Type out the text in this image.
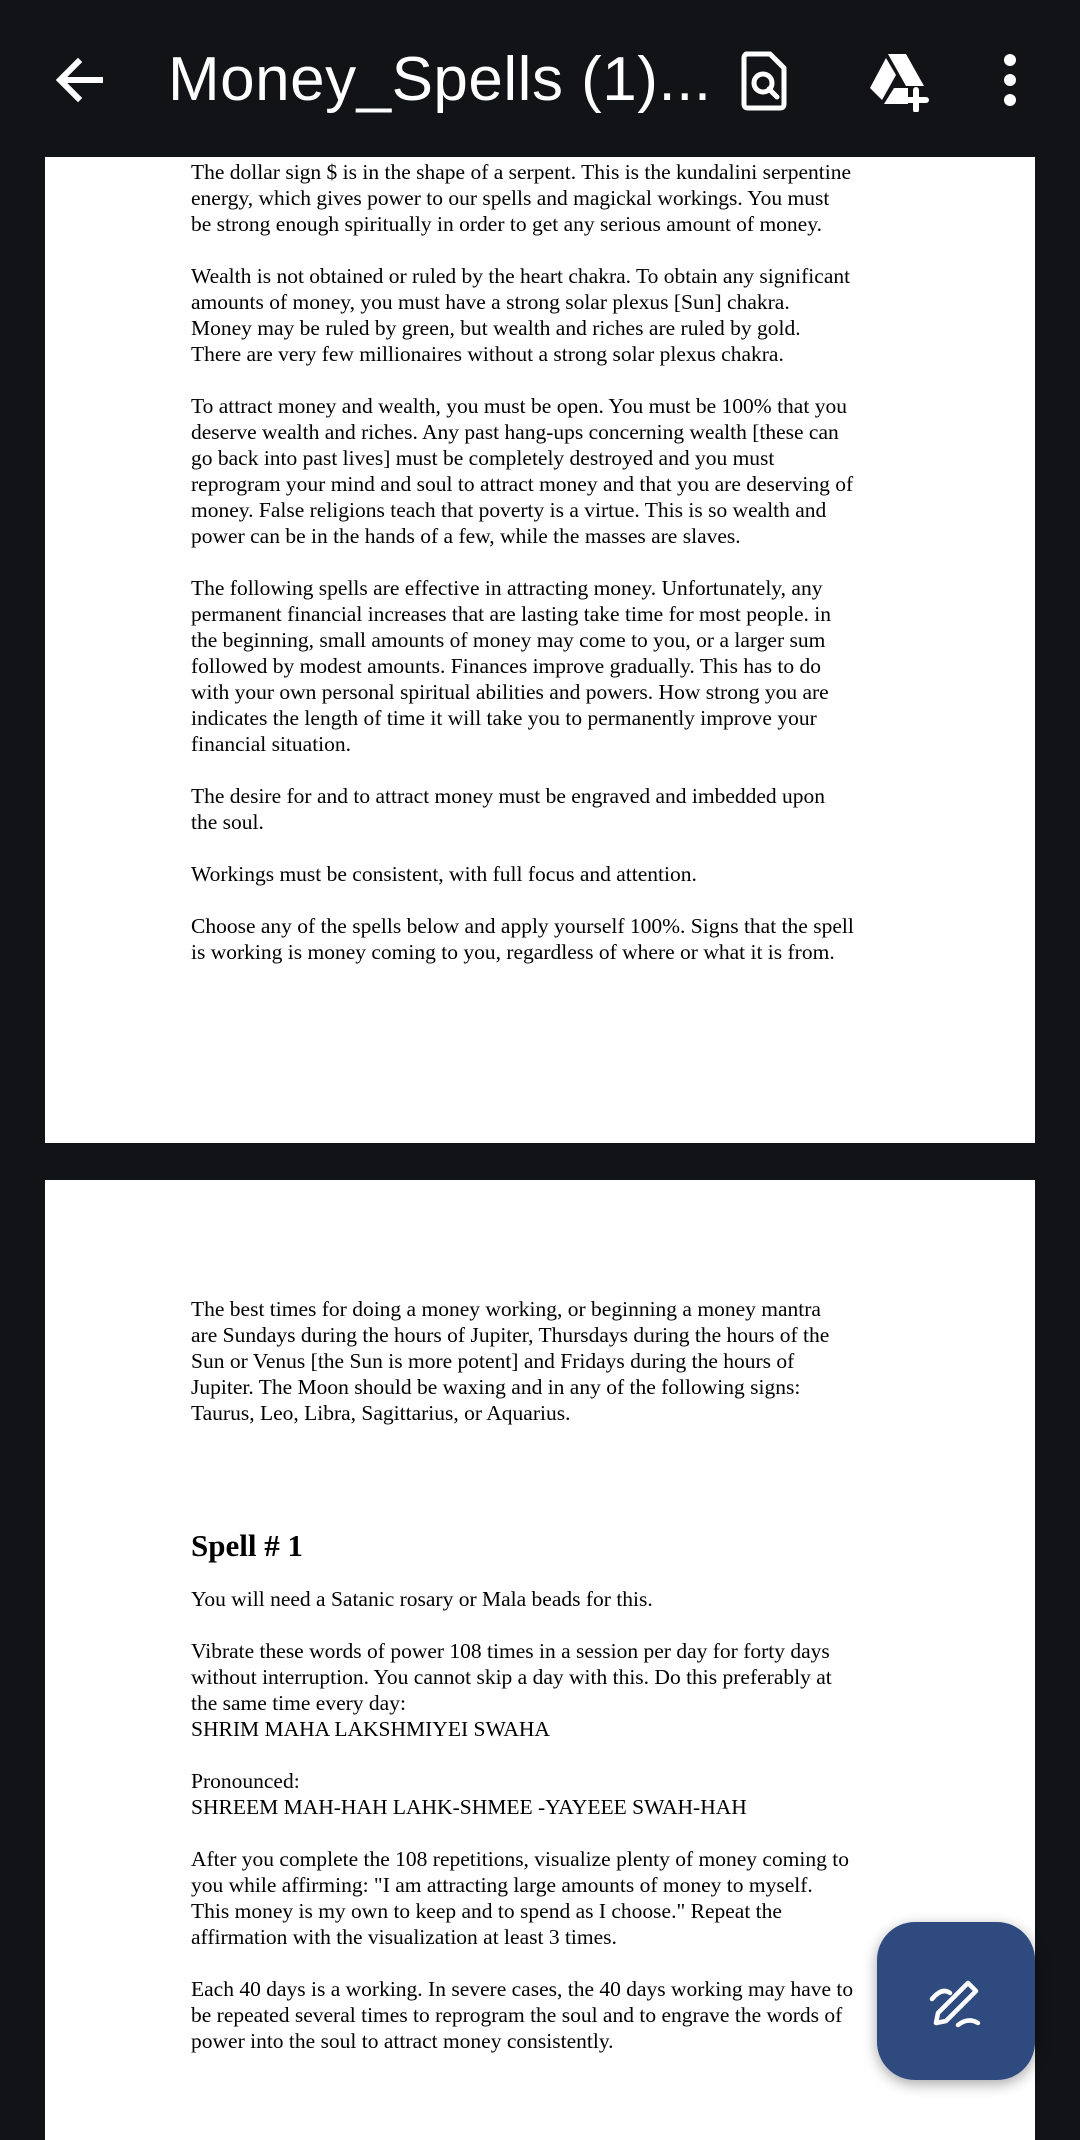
Money_Spells (1)...

The dollar sign $ is in the shape of a serpent. This is the kundalini serpentine
energy, which gives power to our spells and magickal workings. You must
be strong enough spiritually in order to get any serious amount of money.

Wealth is not obtained or ruled by the heart chakra. To obtain any significant
amounts of money, you must have a strong solar plexus [Sun] chakra.
Money may be ruled by green, but wealth and riches are ruled by gold.
There are very few millionaires without a strong solar plexus chakra.

To attract money and wealth, you must be open. You must be 100% that you
deserve wealth and riches. Any past hang-ups concerning wealth [these can
go back into past lives] must be completely destroyed and you must
reprogram your mind and soul to attract money and that you are deserving of
money. False religions teach that poverty is a virtue. This is so wealth and
power can be in the hands of a few, while the masses are slaves.

The following spells are effective in attracting money. Unfortunately, any
permanent financial increases that are lasting take time for most people. in
the beginning, small amounts of money may come to you, or a larger sum
followed by modest amounts. Finances improve gradually. This has to do
with your own personal spiritual abilities and powers. How strong you are
indicates the length of time it will take you to permanently improve your
financial situation.

The desire for and to attract money must be engraved and imbedded upon
the soul.

Workings must be consistent, with full focus and attention.

Choose any of the spells below and apply yourself 100%. Signs that the spell
is working is money coming to you, regardless of where or what it is from.

The best times for doing a money working, or beginning a money mantra
are Sundays during the hours of Jupiter, Thursdays during the hours of the
Sun or Venus [the Sun is more potent] and Fridays during the hours of
Jupiter. The Moon should be waxing and in any of the following signs:
Taurus, Leo, Libra, Sagittarius, or Aquarius.

Spell # 1

You will need a Satanic rosary or Mala beads for this.

Vibrate these words of power 108 times in a session per day for forty days
without interruption. You cannot skip a day with this. Do this preferably at
the same time every day:
SHRIM MAHA LAKSHMIYEI SWAHA

Pronounced:
SHREEM MAH-HAH LAHK-SHMEE -YAYEEE SWAH-HAH

After you complete the 108 repetitions, visualize plenty of money coming to
you while affirming: "I am attracting large amounts of money to myself.
This money is my own to keep and to spend as I choose." Repeat the
affirmation with the visualization at least 3 times.

Each 40 days is a working. In severe cases, the 40 days working may have to
be repeated several times to reprogram the soul and to engrave the words of
power into the soul to attract money consistently.
